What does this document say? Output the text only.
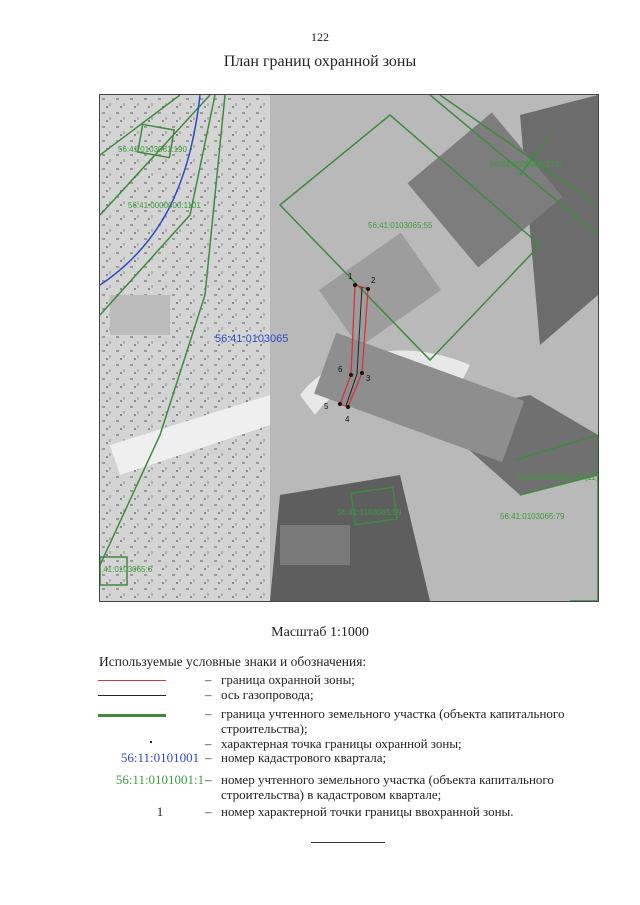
122
План границ охранной зоны
1 2
3
4
5
6
56:41:0103065
56:41:0103061:190
56:41:0000000:1101
56:41:0103065:55
56:41:0000000:1741
56:41:0103065:59
56:41:0000000:43 (11)
56:41:0103065:79
.41:0103065:6
Масштаб 1:1000
Используемые условные знаки и обозначения:
– граница охранной зоны;
– ось газопровода;
– граница учтенного земельного участка (объекта капитального строительства);
– характерная точка границы охранной зоны;
56:11:0101001 – номер кадастрового квартала;
56:11:0101001:1 – номер учтенного земельного участка (объекта капитального строительства) в кадастровом квартале;
1	– номер характерной точки границы ввохранной зоны.
